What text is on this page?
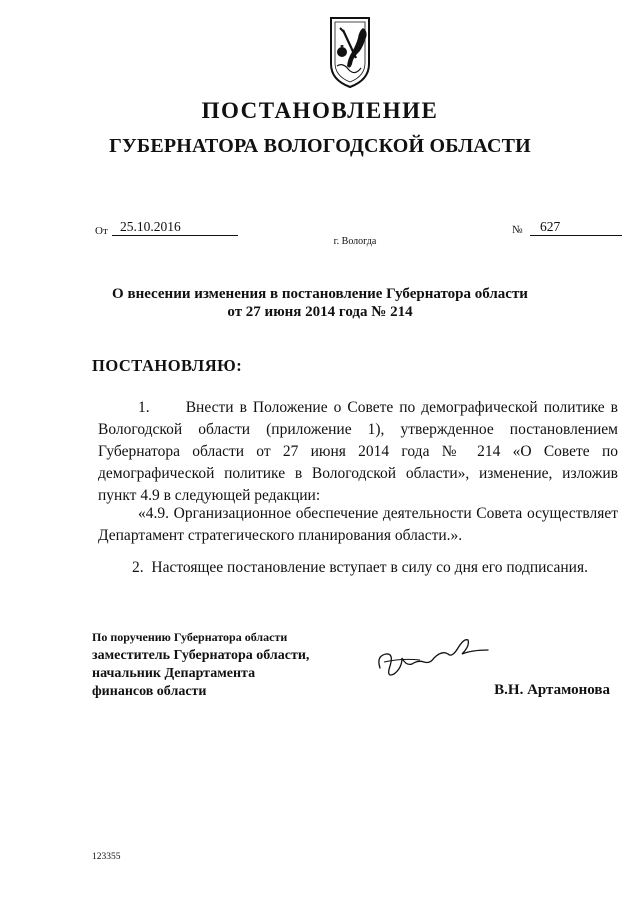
ПОСТАНОВЛЕНИЕ
ГУБЕРНАТОРА ВОЛОГОДСКОЙ ОБЛАСТИ
От 25.10.2016	№	627
г. Вологда
О внесении изменения в постановление Губернатора области
от 27 июня 2014 года № 214
ПОСТАНОВЛЯЮ:
1.      Внести в Положение о Совете по демографической политике в Вологодской области (приложение 1), утвержденное постановлением Губернатора области от 27 июня 2014 года № 214 «О Совете по демографической политике в Вологодской области», изменение, изложив пункт 4.9 в следующей редакции:
«4.9. Организационное обеспечение деятельности Совета осуществляет Департамент стратегического планирования области.».
2.  Настоящее постановление вступает в силу со дня его подписания.
По поручению Губернатора области
заместитель Губернатора области,
начальник Департамента
финансов области	В.Н. Артамонова
123355
